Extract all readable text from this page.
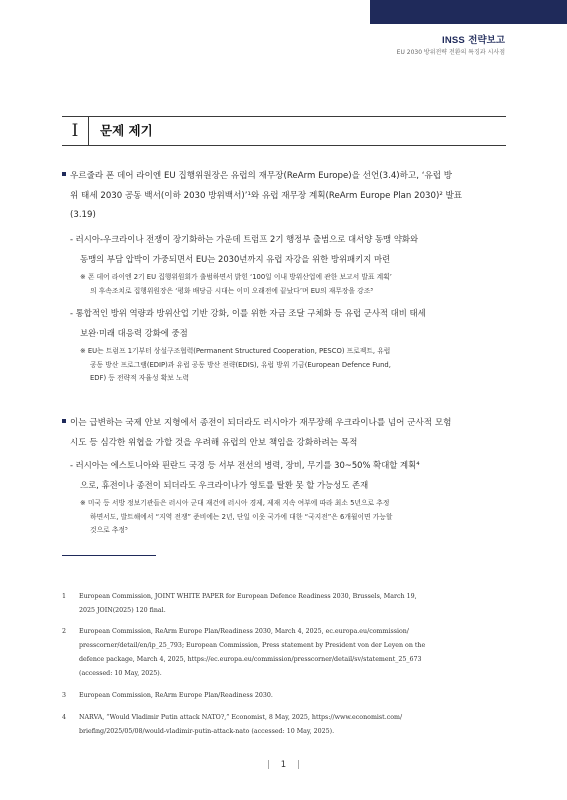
INSS 전략보고
EU 2030 방위전략 전환의 특징과 시사점
I	문제 제기
우르줄라 폰 데어 라이엔 EU 집행위원장은 유럽의 재무장(ReArm Europe)을 선언(3.4)하고, ‘유럽 방
위 태세 2030 공동 백서(이하 2030 방위백서)’¹와 유럽 재무장 계획(ReArm Europe Plan 2030)² 발표
(3.19)
- 러시아-우크라이나 전쟁이 장기화하는 가운데 트럼프 2기 행정부 출범으로 대서양 동맹 약화와
동맹의 부담 압박이 가중되면서 EU는 2030년까지 유럽 자강을 위한 방위패키지 마련
※ 폰 데어 라이엔 2기 EU 집행위원회가 출범하면서 밝힌 ‘100일 이내 방위산업에 관한 보고서 발표 계획’
의 후속조치로 집행위원장은 ‘평화 배당금 시대는 이미 오래전에 끝났다’며 EU의 재무장을 강조³
- 통합적인 방위 역량과 방위산업 기반 강화, 이를 위한 자금 조달 구체화 등 유럽 군사적 대비 태세
보완·미래 대응력 강화에 중점
※ EU는 트럼프 1기부터 상설구조협력(Permanent Structured Cooperation, PESCO) 프로젝트, 유럽
공동 방산 프로그램(EDIP)과 유럽 공동 방산 전략(EDIS), 유럽 방위 기금(European Defence Fund,
EDF) 등 전략적 자율성 확보 노력
이는 급변하는 국제 안보 지형에서 종전이 되더라도 러시아가 재무장해 우크라이나를 넘어 군사적 모험
시도 등 심각한 위협을 가할 것을 우려해 유럽의 안보 책임을 강화하려는 목적
- 러시아는 에스토니아와 핀란드 국경 등 서부 전선의 병력, 장비, 무기를 30~50% 확대할 계획⁴
으로, 휴전이나 종전이 되더라도 우크라이나가 영토를 탈환 못 할 가능성도 존재
※ 미국 등 서방 정보기관들은 러시아 군대 재건에 러시아 경제, 제재 지속 여부에 따라 최소 5년으로 추정
하면서도, 발트해에서 “지역 전쟁” 준비에는 2년, 단일 이웃 국가에 대한 “국지전”은 6개월이면 가능할
것으로 추정⁵
1 European Commission, JOINT WHITE PAPER for European Defence Readiness 2030, Brussels, March 19,
2025 JOIN(2025) 120 final.
2 European Commission, ReArm Europe Plan/Readiness 2030, March 4, 2025, ec.europa.eu/commission/
presscorner/detail/en/ip_25_793; European Commission, Press statement by President von der Leyen on the
defence package, March 4, 2025, https://ec.europa.eu/commission/presscorner/detail/sv/statement_25_673
(accessed: 10 May, 2025).
3 European Commission, ReArm Europe Plan/Readiness 2030.
4 NARVA, “Would Vladimir Putin attack NATO?,” Economist, 8 May, 2025, https://www.economist.com/
briefing/2025/05/08/would-vladimir-putin-attack-nato (accessed: 10 May, 2025).
| 1 |
